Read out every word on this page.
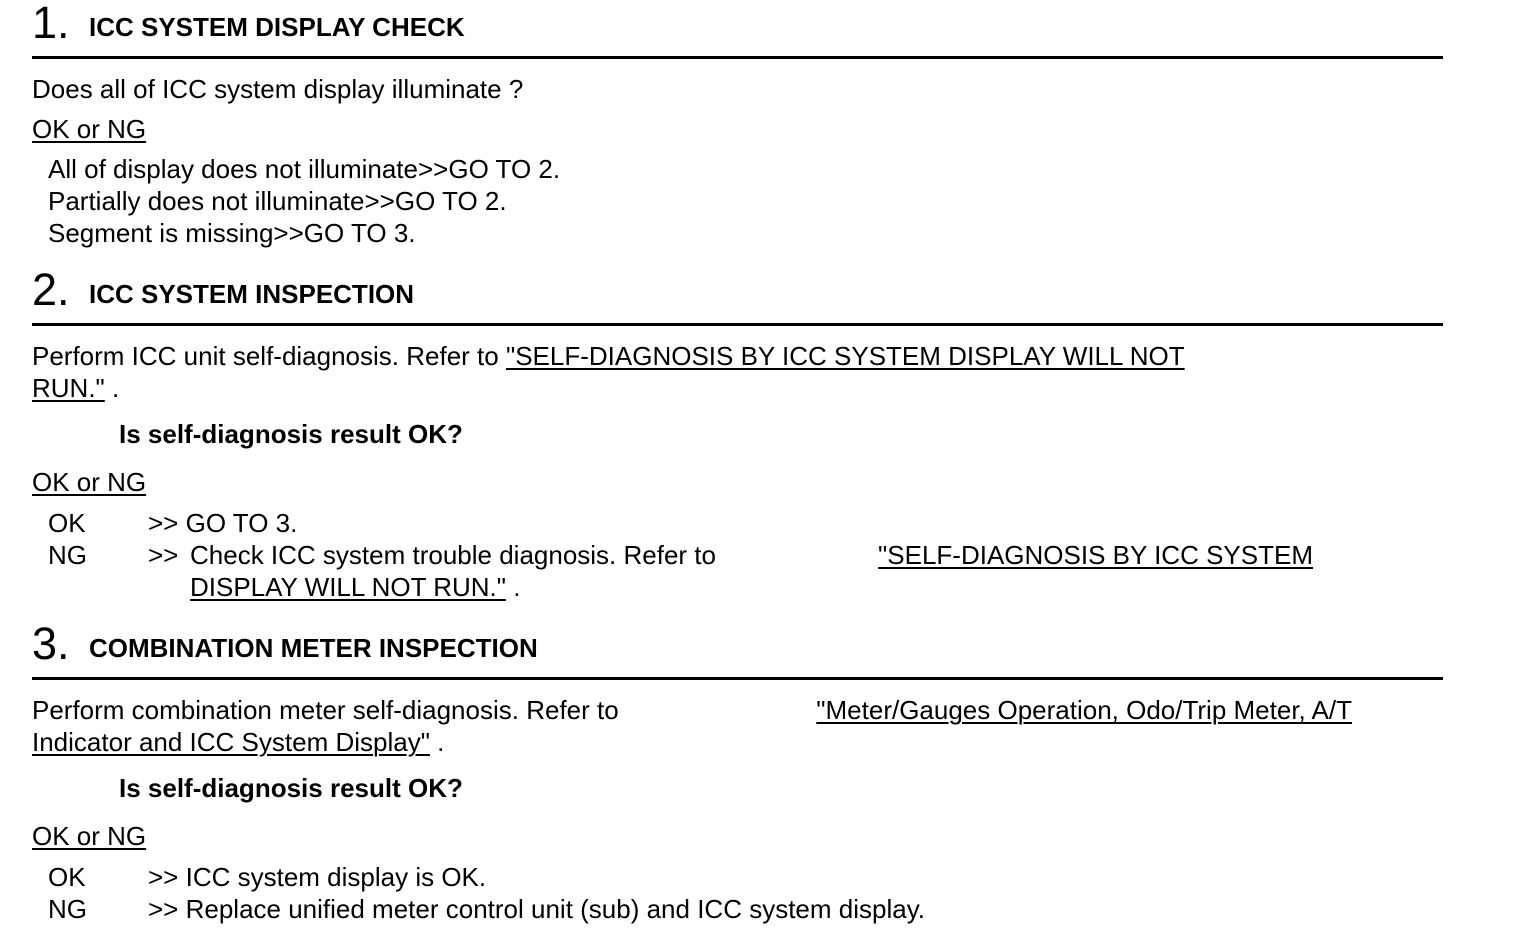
1. ICC SYSTEM DISPLAY CHECK
Does all of ICC system display illuminate ?
OK or NG
All of display does not illuminate>>GO TO 2.
Partially does not illuminate>>GO TO 2.
Segment is missing>>GO TO 3.
2. ICC SYSTEM INSPECTION
Perform ICC unit self-diagnosis. Refer to "SELF-DIAGNOSIS BY ICC SYSTEM DISPLAY WILL NOT
RUN." .
Is self-diagnosis result OK?
OK or NG
OK >> GO TO 3.
NG >> Check ICC system trouble diagnosis. Refer to	"SELF-DIAGNOSIS BY ICC SYSTEM
DISPLAY WILL NOT RUN." .
3. COMBINATION METER INSPECTION
Perform combination meter self-diagnosis. Refer to	"Meter/Gauges Operation, Odo/Trip Meter, A/T
Indicator and ICC System Display" .
Is self-diagnosis result OK?
OK or NG
OK >> ICC system display is OK.
NG >> Replace unified meter control unit (sub) and ICC system display.
